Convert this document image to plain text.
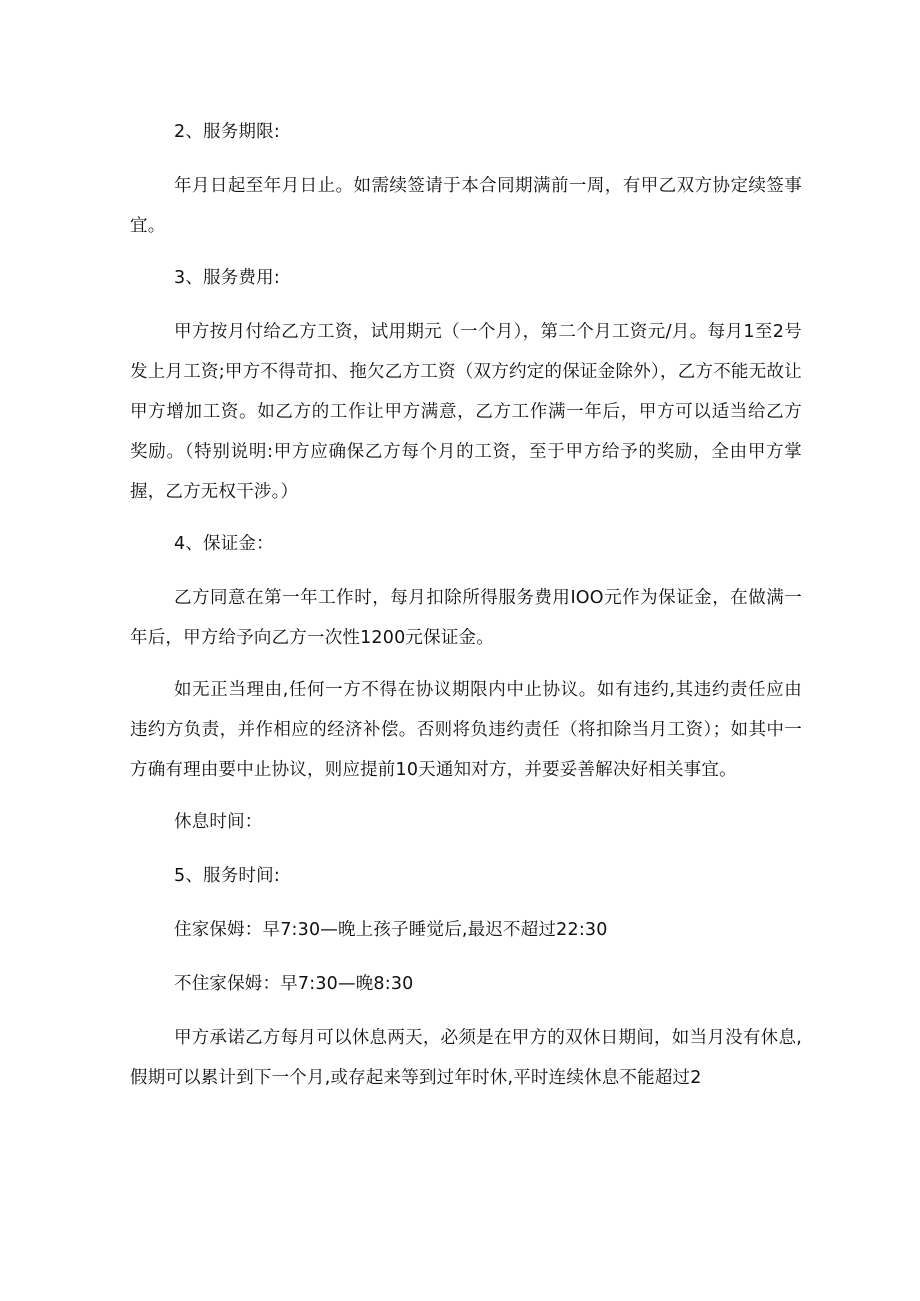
2、服务期限:

年月日起至年月日止。如需续签请于本合同期满前一周，有甲乙双方协定续签事宜。

3、服务费用:

甲方按月付给乙方工资，试用期元（一个月），第二个月工资元/月。每月1至2号发上月工资;甲方不得苛扣、拖欠乙方工资（双方约定的保证金除外），乙方不能无故让甲方增加工资。如乙方的工作让甲方满意，乙方工作满一年后，甲方可以适当给乙方奖励。（特别说明:甲方应确保乙方每个月的工资，至于甲方给予的奖励，全由甲方掌握，乙方无权干涉。）

4、保证金：

乙方同意在第一年工作时，每月扣除所得服务费用IOO元作为保证金，在做满一年后，甲方给予向乙方一次性1200元保证金。

如无正当理由,任何一方不得在协议期限内中止协议。如有违约,其违约责任应由违约方负责，并作相应的经济补偿。否则将负违约责任（将扣除当月工资）；如其中一方确有理由要中止协议，则应提前10天通知对方，并要妥善解决好相关事宜。

休息时间：

5、服务时间:

住家保姆：早7:30—晚上孩子睡觉后,最迟不超过22:30

不住家保姆：早7:30—晚8:30

甲方承诺乙方每月可以休息两天，必须是在甲方的双休日期间，如当月没有休息,假期可以累计到下一个月,或存起来等到过年时休,平时连续休息不能超过2
